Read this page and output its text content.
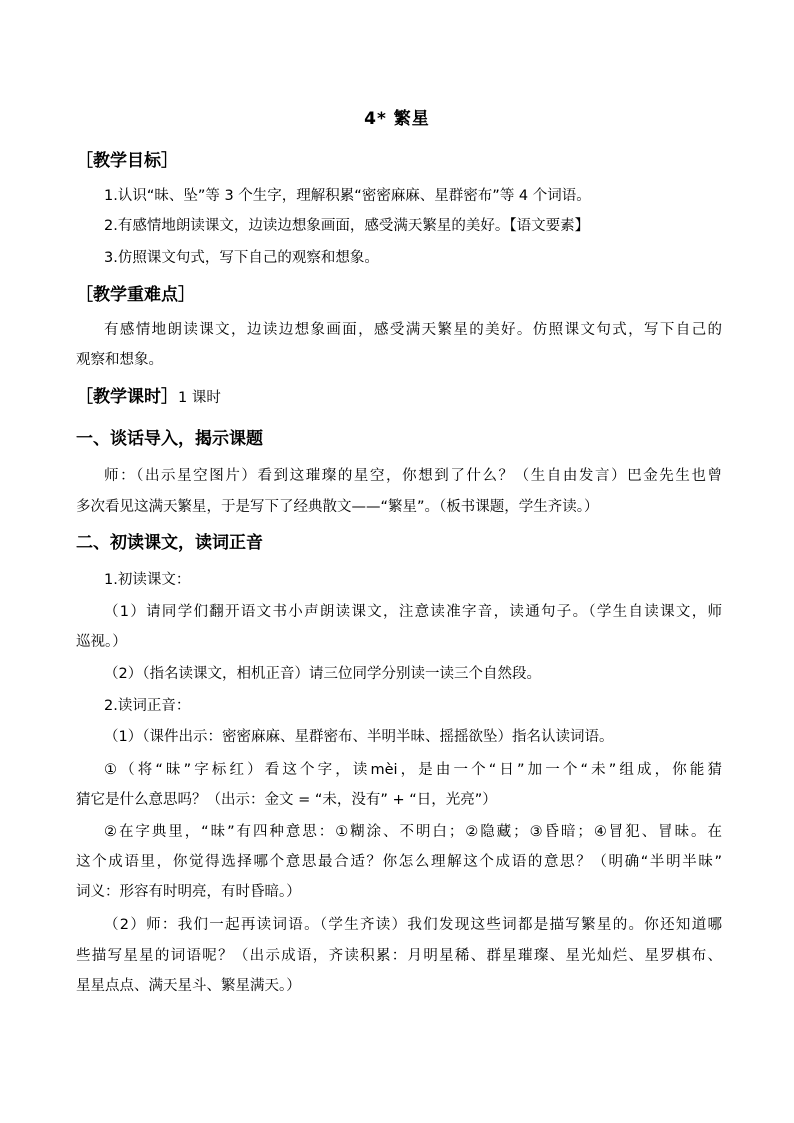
4* 繁星
［教学目标］
1.认识“昧、坠”等 3 个生字，理解积累“密密麻麻、星群密布”等 4 个词语。
2.有感情地朗读课文，边读边想象画面，感受满天繁星的美好。【语文要素】
3.仿照课文句式，写下自己的观察和想象。
［教学重难点］
有感情地朗读课文，边读边想象画面，感受满天繁星的美好。仿照课文句式，写下自己的
观察和想象。
［教学课时］1 课时
一、谈话导入，揭示课题
师：（出示星空图片）看到这璀璨的星空，你想到了什么？（生自由发言）巴金先生也曾
多次看见这满天繁星，于是写下了经典散文——“繁星”。（板书课题，学生齐读。）
二、初读课文，读词正音
1.初读课文：
（1）请同学们翻开语文书小声朗读课文，注意读准字音，读通句子。（学生自读课文，师
巡视。）
（2）（指名读课文，相机正音）请三位同学分别读一读三个自然段。
2.读词正音：
（1）（课件出示：密密麻麻、星群密布、半明半昧、摇摇欲坠）指名认读词语。
①（将“昧”字标红）看这个字，读mèi，是由一个“日”加一个“未”组成，你能猜
猜它是什么意思吗？（出示：金文 = “未，没有” + “日，光亮”）
②在字典里，“昧”有四种意思：①糊涂、不明白；②隐藏；③昏暗；④冒犯、冒昧。在
这个成语里，你觉得选择哪个意思最合适？你怎么理解这个成语的意思？（明确“半明半昧”
词义：形容有时明亮，有时昏暗。）
（2）师：我们一起再读词语。（学生齐读）我们发现这些词都是描写繁星的。你还知道哪
些描写星星的词语呢？（出示成语，齐读积累：月明星稀、群星璀璨、星光灿烂、星罗棋布、
星星点点、满天星斗、繁星满天。）
